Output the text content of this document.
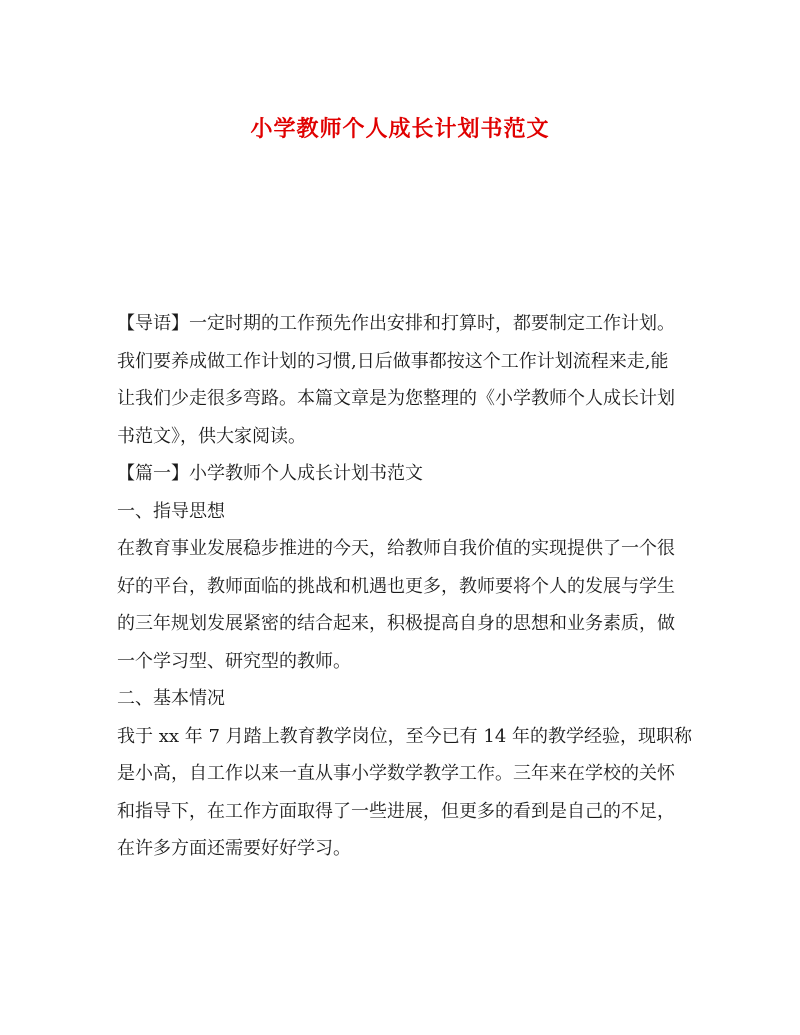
小学教师个人成长计划书范文

【导语】一定时期的工作预先作出安排和打算时，都要制定工作计划。

我们要养成做工作计划的习惯,日后做事都按这个工作计划流程来走,能

让我们少走很多弯路。本篇文章是为您整理的《小学教师个人成长计划

书范文》，供大家阅读。

【篇一】小学教师个人成长计划书范文

一、指导思想

在教育事业发展稳步推进的今天，给教师自我价值的实现提供了一个很

好的平台，教师面临的挑战和机遇也更多，教师要将个人的发展与学生

的三年规划发展紧密的结合起来，积极提高自身的思想和业务素质，做

一个学习型、研究型的教师。

二、基本情况

我于 xx 年 7 月踏上教育教学岗位，至今已有 14 年的教学经验，现职称

是小高，自工作以来一直从事小学数学教学工作。三年来在学校的关怀

和指导下，在工作方面取得了一些进展，但更多的看到是自己的不足，

在许多方面还需要好好学习。
